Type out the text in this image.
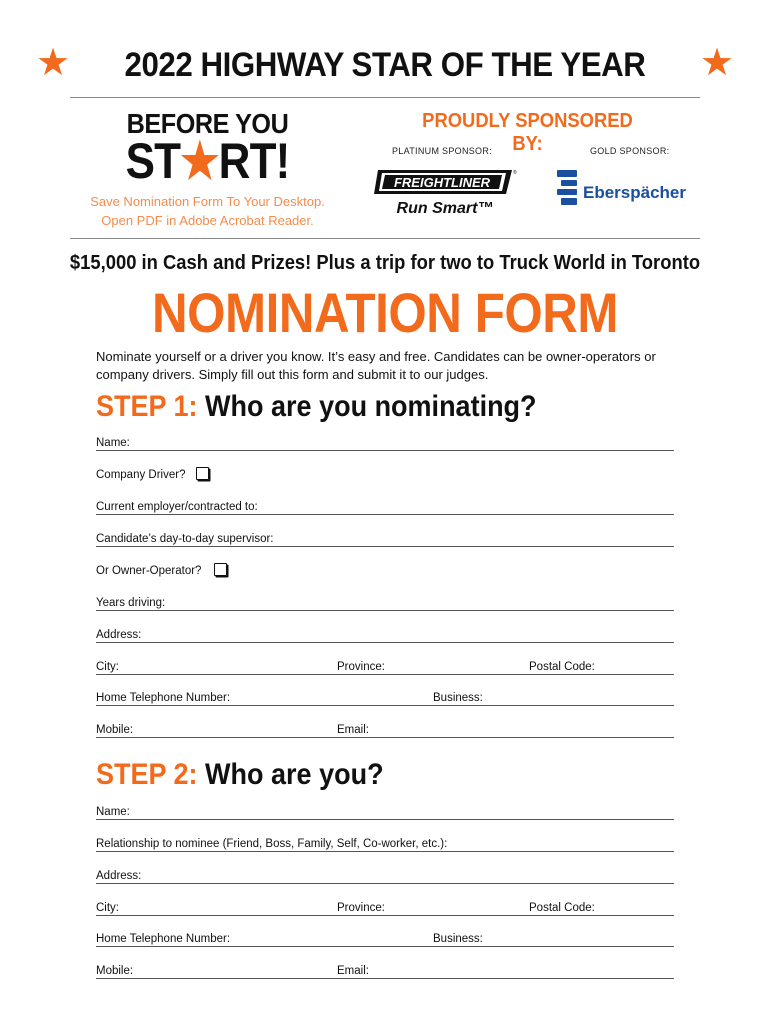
★	2022 HIGHWAY STAR OF THE YEAR	★
BEFORE YOU
ST★RT!
Save Nomination Form To Your Desktop.
Open PDF in Adobe Acrobat Reader.
PROUDLY SPONSORED BY:
PLATINUM SPONSOR:	GOLD SPONSOR:
FREIGHTLINER
®
Run Smart™
Eberspächer
$15,000 in Cash and Prizes! Plus a trip for two to Truck World in Toronto
NOMINATION FORM
Nominate yourself or a driver you know. It’s easy and free. Candidates can be owner-operators or company drivers. Simply fill out this form and submit it to our judges.
STEP 1: Who are you nominating?
Name:
Company Driver?
Current employer/contracted to:
Candidate’s day-to-day supervisor:
Or Owner-Operator?
Years driving:
Address:
City:	Province:	Postal Code:
Home Telephone Number:	Business:
Mobile:	Email:
STEP 2: Who are you?
Name:
Relationship to nominee (Friend, Boss, Family, Self, Co-worker, etc.):
Address:
City:	Province:	Postal Code:
Home Telephone Number:	Business:
Mobile:	Email:
